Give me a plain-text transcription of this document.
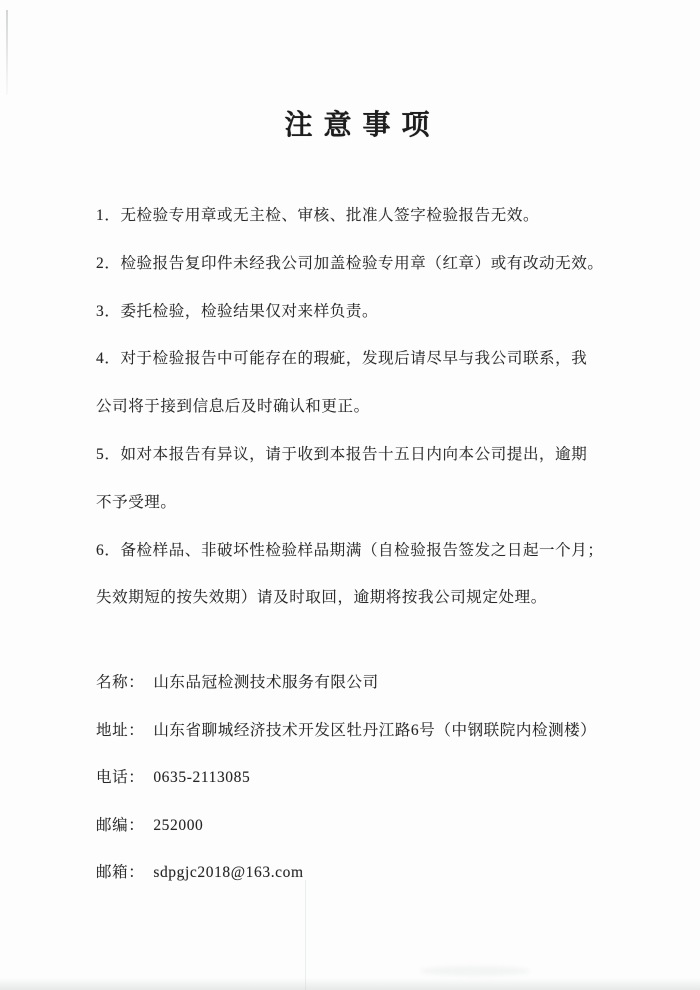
注 意 事 项
1．无检验专用章或无主检、审核、批准人签字检验报告无效。
2．检验报告复印件未经我公司加盖检验专用章（红章）或有改动无效。
3．委托检验，检验结果仅对来样负责。
4．对于检验报告中可能存在的瑕疵，发现后请尽早与我公司联系，我
公司将于接到信息后及时确认和更正。
5．如对本报告有异议，请于收到本报告十五日内向本公司提出，逾期
不予受理。
6．备检样品、非破坏性检验样品期满（自检验报告签发之日起一个月；
失效期短的按失效期）请及时取回，逾期将按我公司规定处理。
名称： 山东品冠检测技术服务有限公司
地址： 山东省聊城经济技术开发区牡丹江路6号（中钢联院内检测楼）
电话： 0635-2113085
邮编： 252000
邮箱： sdpgjc2018@163.com
